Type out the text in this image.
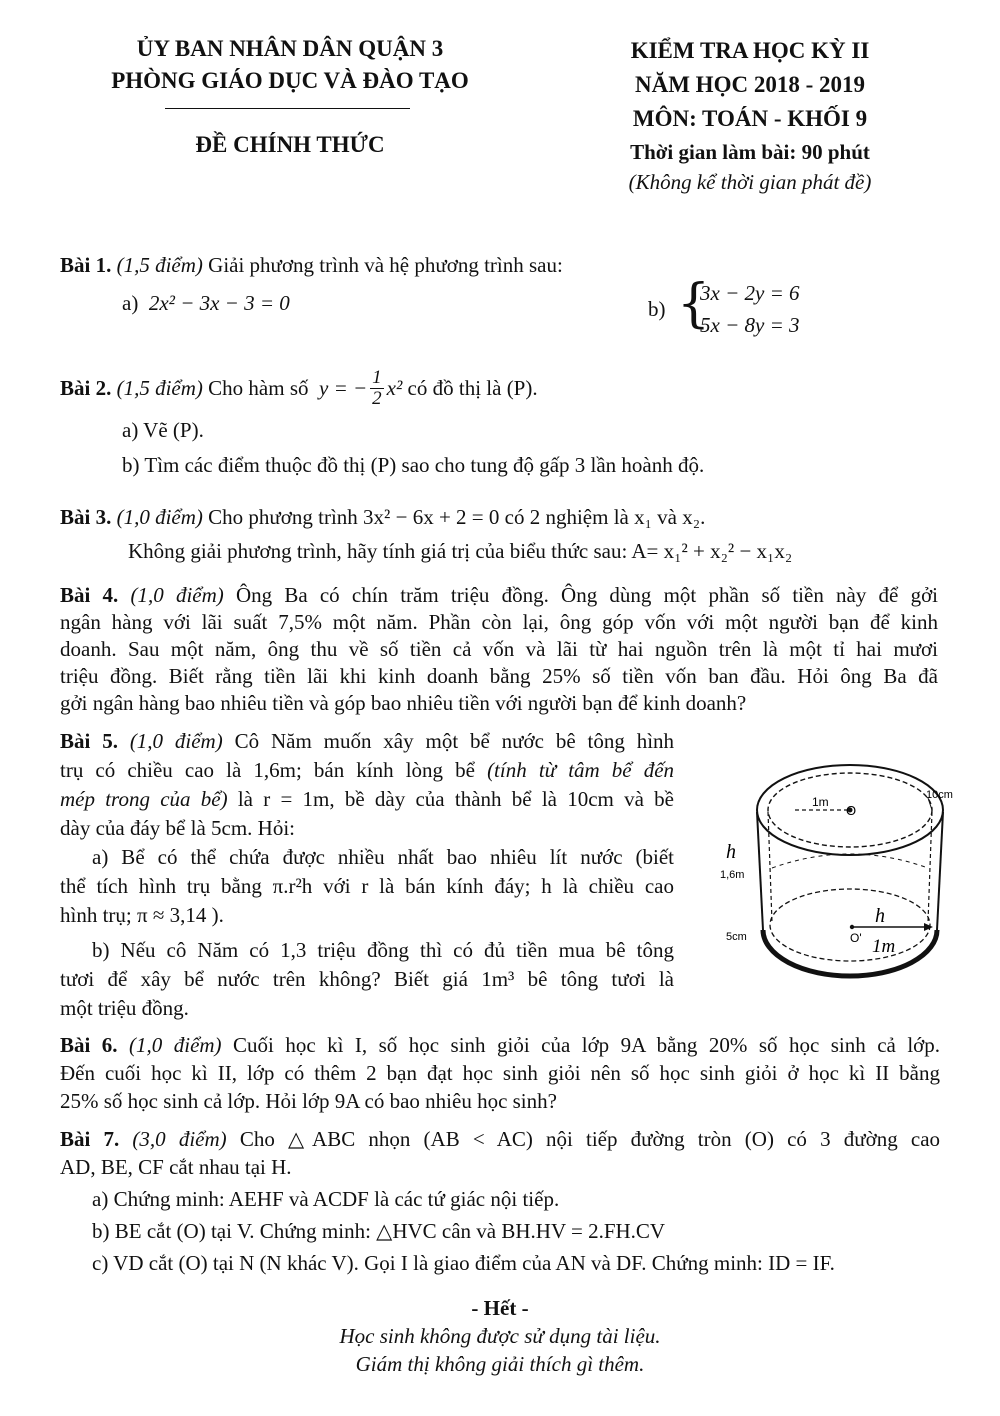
ỦY BAN NHÂN DÂN QUẬN 3
PHÒNG GIÁO DỤC VÀ ĐÀO TẠO
ĐỀ CHÍNH THỨC
KIỂM TRA HỌC KỲ II
NĂM HỌC 2018 - 2019
MÔN: TOÁN - KHỐI 9
Thời gian làm bài: 90 phút
(Không kể thời gian phát đề)
Bài 1. (1,5 điểm) Giải phương trình và hệ phương trình sau:
a) 2x² − 3x − 3 = 0	b) {
3x − 2y = 6
5x − 8y = 3
Bài 2.
(1,5 điểm)
Cho hàm số
y = − $\frac{1}{2} x^2$
có đồ thị là (P).
a) Vẽ (P).
b) Tìm các điểm thuộc đồ thị (P) sao cho tung độ gấp 3 lần hoành độ.
Bài 3. (1,0 điểm) Cho phương trình 3x² − 6x + 2 = 0 có 2 nghiệm là x₁ và x₂.
Không giải phương trình, hãy tính giá trị của biểu thức sau: A= x₁² + x₂² − x₁x₂
Bài 4. (1,0 điểm) Ông Ba có chín trăm triệu đồng. Ông dùng một phần số tiền này để gởi
ngân hàng với lãi suất 7,5% một năm. Phần còn lại, ông góp vốn với một người bạn để kinh
doanh. Sau một năm, ông thu về số tiền cả vốn và lãi từ hai nguồn trên là một tỉ hai mươi
triệu đồng. Biết rằng tiền lãi khi kinh doanh bằng 25% số tiền vốn ban đầu. Hỏi ông Ba đã
gởi ngân hàng bao nhiêu tiền và góp bao nhiêu tiền với người bạn để kinh doanh?
Bài 5. (1,0 điểm) Cô Năm muốn xây một bể nước bê tông hình
trụ có chiều cao là 1,6m; bán kính lòng bể (tính từ tâm bể đến
mép trong của bể) là r = 1m, bề dày của thành bể là 10cm và bề
dày của đáy bể là 5cm. Hỏi:
a) Bể có thể chứa được nhiều nhất bao nhiêu lít nước (biết
thể tích hình trụ bằng π.r²h với r là bán kính đáy; h là chiều cao
hình trụ; π ≈ 3,14 ).
b) Nếu cô Năm có 1,3 triệu đồng thì có đủ tiền mua bê tông
tươi để xây bể nước trên không? Biết giá 1m³ bê tông tươi là
một triệu đồng.
1m
O
10cm
h
1,6m
5cm
h
O' 1m
Bài 6. (1,0 điểm) Cuối học kì I, số học sinh giỏi của lớp 9A bằng 20% số học sinh cả lớp.
Đến cuối học kì II, lớp có thêm 2 bạn đạt học sinh giỏi nên số học sinh giỏi ở học kì II bằng
25% số học sinh cả lớp. Hỏi lớp 9A có bao nhiêu học sinh?
Bài 7. (3,0 điểm) Cho △ABC nhọn (AB < AC) nội tiếp đường tròn (O) có 3 đường cao
AD, BE, CF cắt nhau tại H.
a) Chứng minh: AEHF và ACDF là các tứ giác nội tiếp.
b) BE cắt (O) tại V. Chứng minh: △HVC cân và BH.HV = 2.FH.CV
c) VD cắt (O) tại N (N khác V). Gọi I là giao điểm của AN và DF. Chứng minh: ID = IF.
- Hết -
Học sinh không được sử dụng tài liệu.
Giám thị không giải thích gì thêm.
